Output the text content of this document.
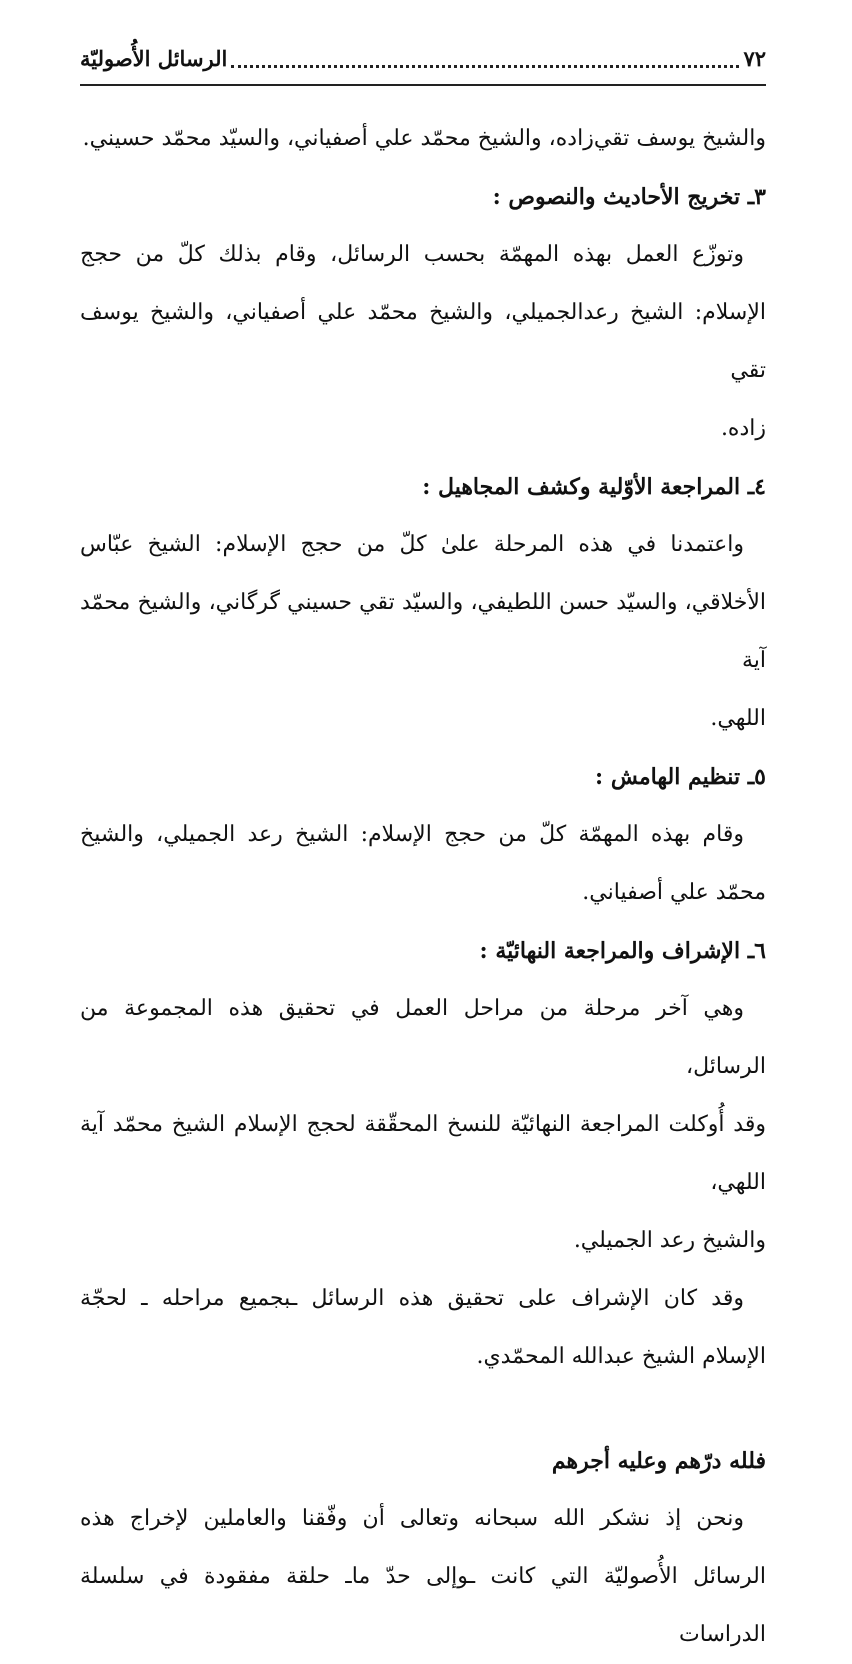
٧٢
الرسائل الأُصوليّة

والشيخ يوسف تقي‌زاده، والشيخ محمّد علي أصفياني، والسيّد محمّد حسيني.

٣ـ تخريج الأحاديث والنصوص :

وتوزّع العمل بهذه المهمّة بحسب الرسائل، وقام بذلك كلّ من حجج

الإسلام: الشيخ رعدالجميلي، والشيخ محمّد علي أصفياني، والشيخ يوسف تقي

زاده.

٤ـ المراجعة الأوّلية وكشف المجاهيل :

واعتمدنا في هذه المرحلة علىٰ كلّ من حجج الإسلام: الشيخ عبّاس

الأخلاقي، والسيّد حسن اللطيفي، والسيّد تقي حسيني گرگاني، والشيخ محمّد آية

اللهي.

٥ـ تنظيم الهامش :

وقام بهذه المهمّة كلّ من حجج الإسلام: الشيخ رعد الجميلي، والشيخ

محمّد علي أصفياني.

٦ـ الإشراف والمراجعة النهائيّة :

وهي آخر مرحلة من مراحل العمل في تحقيق هذه المجموعة من الرسائل،

وقد أُوكلت المراجعة النهائيّة للنسخ المحقّقة لحجج الإسلام الشيخ محمّد آية اللهي،

والشيخ رعد الجميلي.

وقد كان الإشراف على تحقيق هذه الرسائل ـبجميع مراحله ـ لحجّة

الإسلام الشيخ عبدالله المحمّدي.

فلله درّهم وعليه أجرهم

ونحن إذ نشكر الله سبحانه وتعالى أن وفّقنا والعاملين لإخراج هذه

الرسائل الأُصوليّة التي كانت ـوإلى حدّ ماـ حلقة مفقودة في سلسلة الدراسات
